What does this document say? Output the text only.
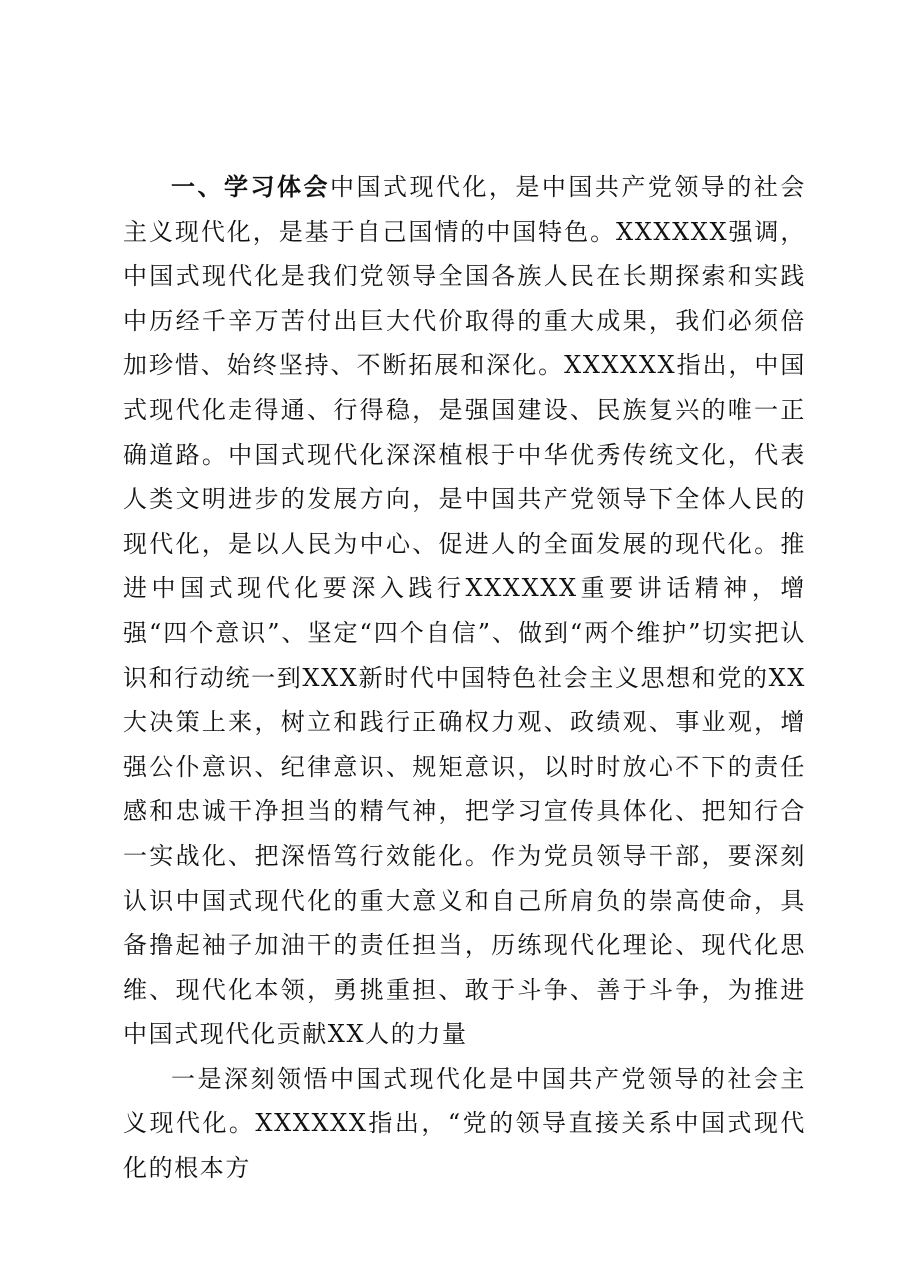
一、学习体会中国式现代化，是中国共产党领导的社会主义现代化，是基于自己国情的中国特色。XXXXXX强调，中国式现代化是我们党领导全国各族人民在长期探索和实践中历经千辛万苦付出巨大代价取得的重大成果，我们必须倍加珍惜、始终坚持、不断拓展和深化。XXXXXX指出，中国式现代化走得通、行得稳，是强国建设、民族复兴的唯一正确道路。中国式现代化深深植根于中华优秀传统文化，代表人类文明进步的发展方向，是中国共产党领导下全体人民的现代化，是以人民为中心、促进人的全面发展的现代化。推进中国式现代化要深入践行XXXXXX重要讲话精神，增强“四个意识”、坚定“四个自信”、做到“两个维护”切实把认识和行动统一到XXX新时代中国特色社会主义思想和党的XX大决策上来，树立和践行正确权力观、政绩观、事业观，增强公仆意识、纪律意识、规矩意识，以时时放心不下的责任感和忠诚干净担当的精气神，把学习宣传具体化、把知行合一实战化、把深悟笃行效能化。作为党员领导干部，要深刻认识中国式现代化的重大意义和自己所肩负的崇高使命，具备撸起袖子加油干的责任担当，历练现代化理论、现代化思维、现代化本领，勇挑重担、敢于斗争、善于斗争，为推进中国式现代化贡献XX人的力量

一是深刻领悟中国式现代化是中国共产党领导的社会主义现代化。XXXXXX指出，“党的领导直接关系中国式现代化的根本方
